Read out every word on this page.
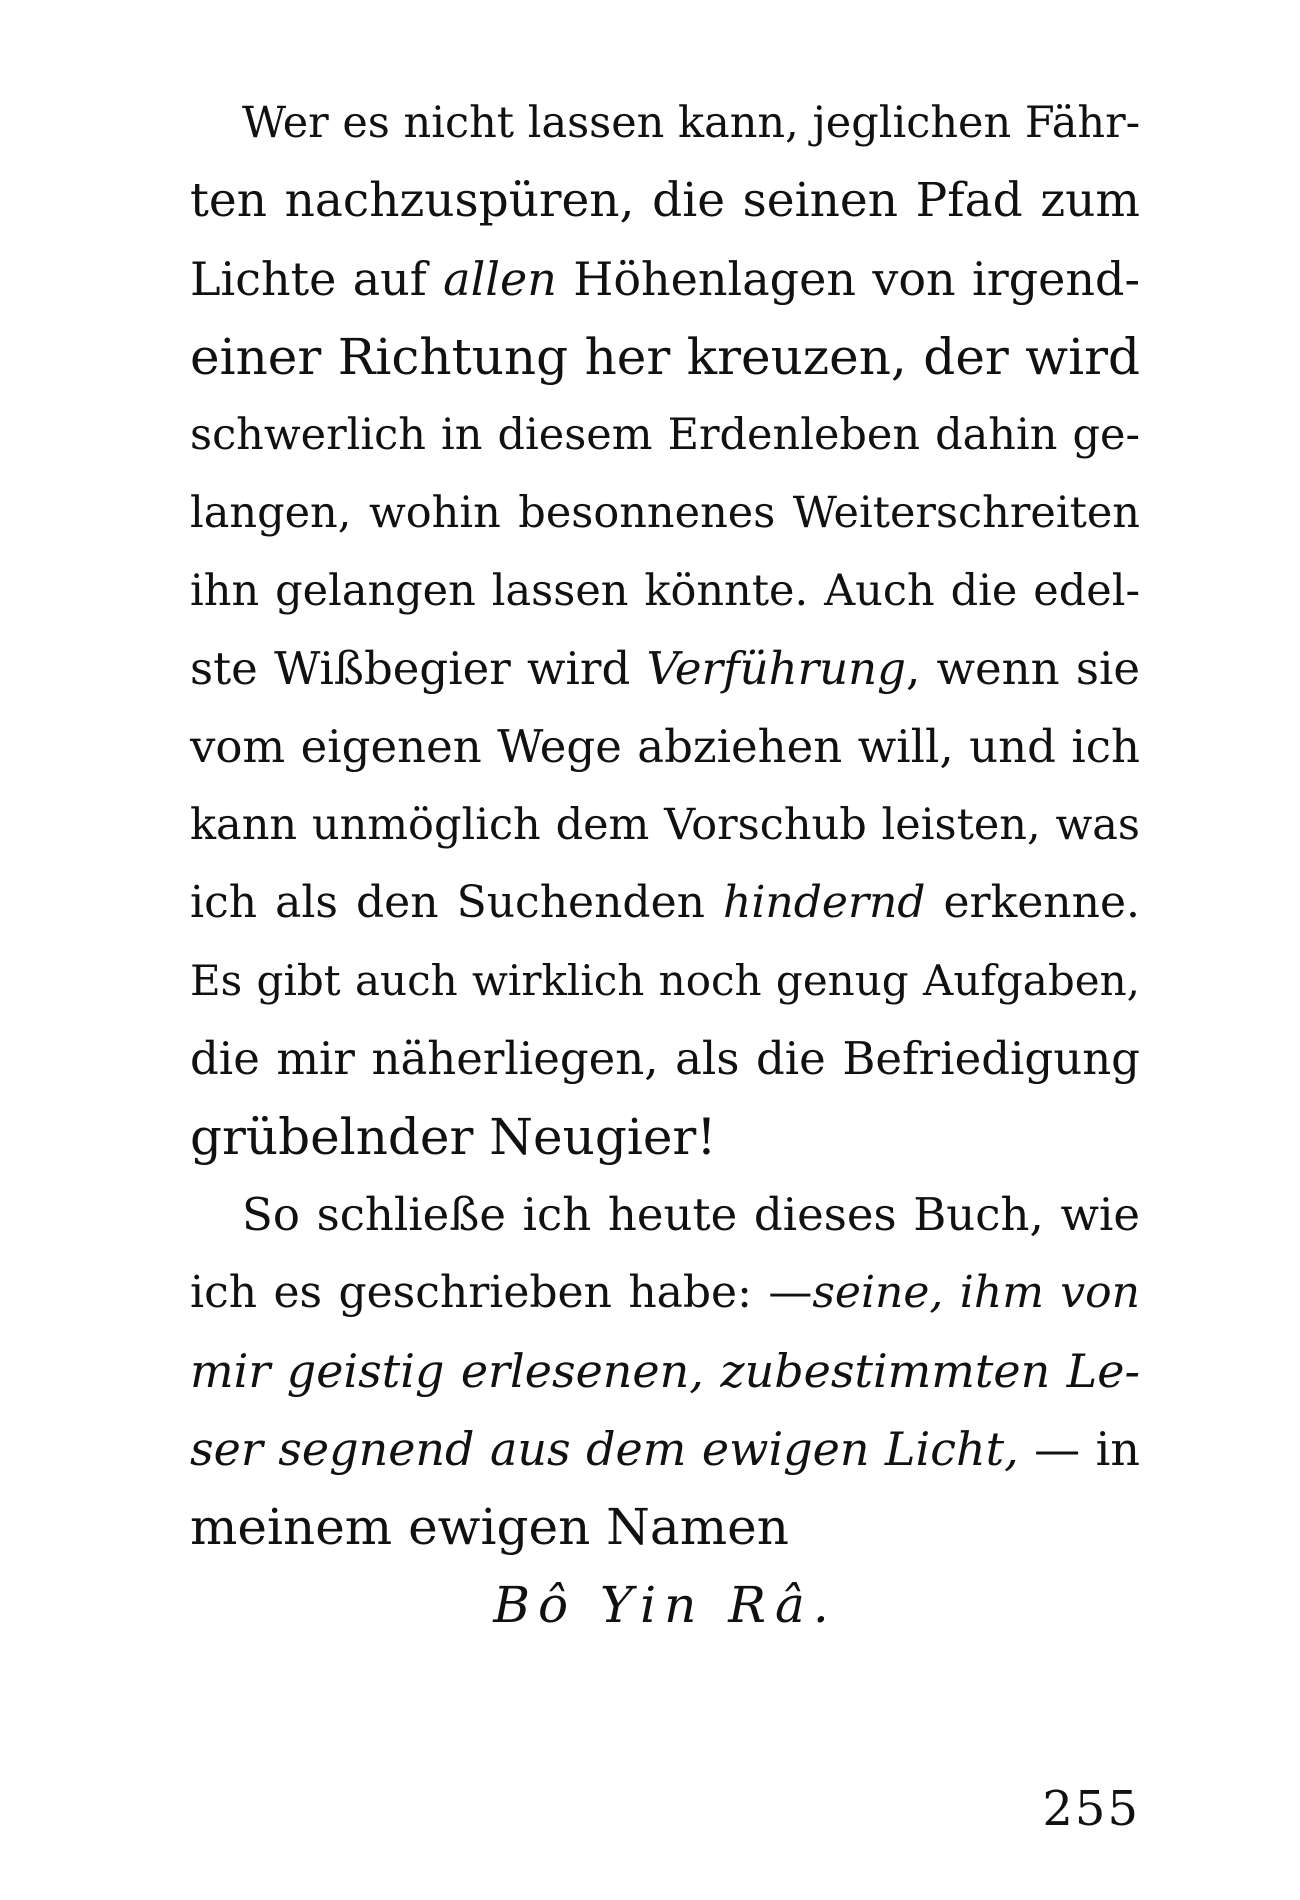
Wer es nicht lassen kann, jeglichen Fähr-
ten nachzuspüren, die seinen Pfad zum
Lichte auf allen Höhenlagen von irgend-
einer Richtung her kreuzen, der wird
schwerlich in diesem Erdenleben dahin ge-
langen, wohin besonnenes Weiterschreiten
ihn gelangen lassen könnte. Auch die edel-
ste Wißbegier wird Verführung, wenn sie
vom eigenen Wege abziehen will, und ich
kann unmöglich dem Vorschub leisten, was
ich als den Suchenden hindernd erkenne.
Es gibt auch wirklich noch genug Aufgaben,
die mir näherliegen, als die Befriedigung
grübelnder Neugier!
So schließe ich heute dieses Buch, wie
ich es geschrieben habe: —seine, ihm von
mir geistig erlesenen, zubestimmten Le-
ser segnend aus dem ewigen Licht, — in
meinem ewigen Namen
Bô Yin Râ.
255
